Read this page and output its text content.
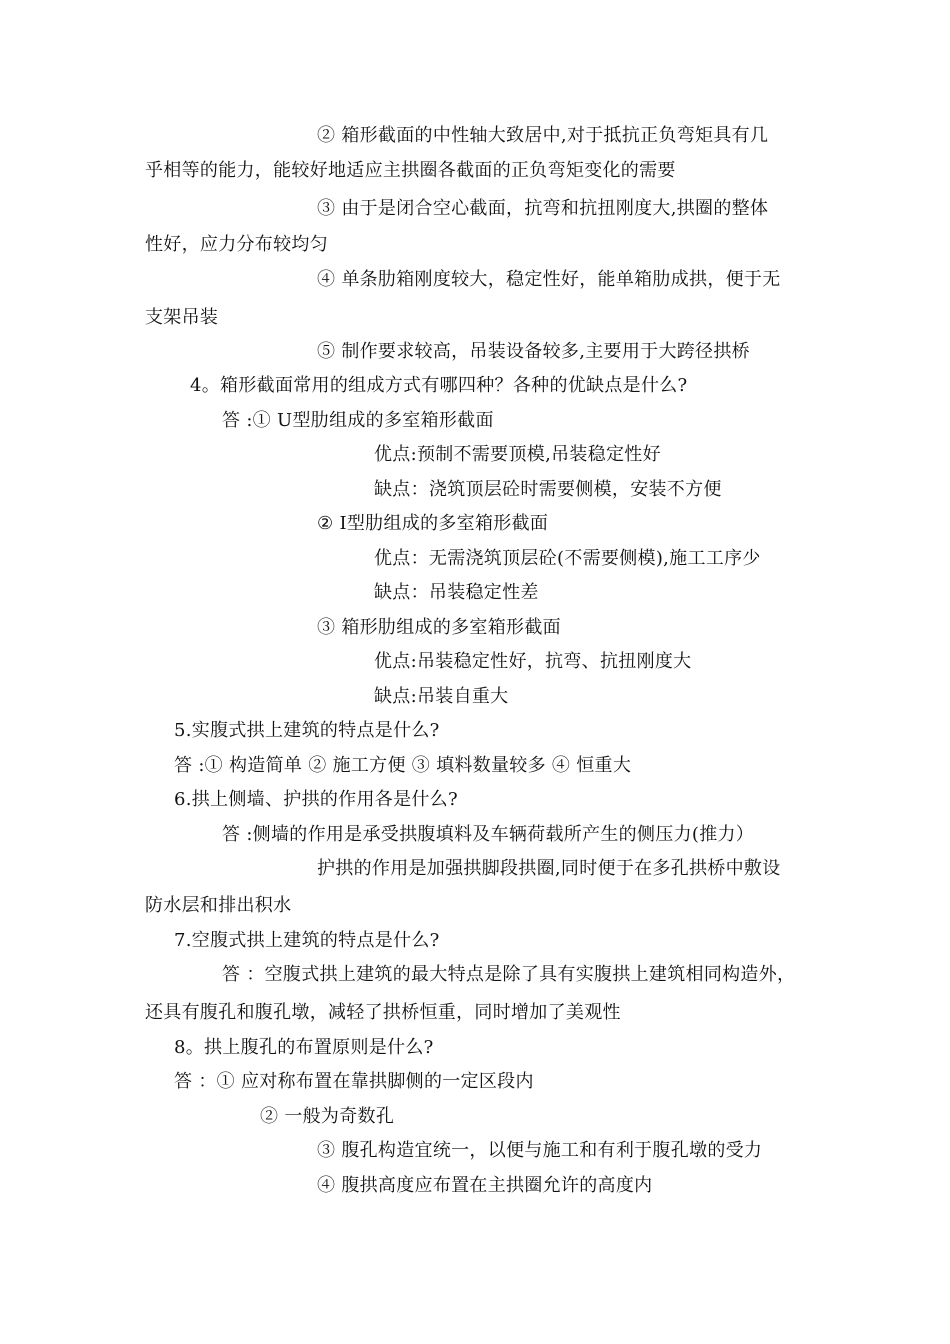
② 箱形截面的中性轴大致居中,对于抵抗正负弯矩具有几
乎相等的能力，能较好地适应主拱圈各截面的正负弯矩变化的需要
③ 由于是闭合空心截面，抗弯和抗扭刚度大,拱圈的整体
性好，应力分布较均匀
④ 单条肋箱刚度较大，稳定性好，能单箱肋成拱，便于无
支架吊装
⑤ 制作要求较高，吊装设备较多,主要用于大跨径拱桥
4。箱形截面常用的组成方式有哪四种？各种的优缺点是什么?
答 :① U型肋组成的多室箱形截面
优点:预制不需要顶模,吊装稳定性好
缺点：浇筑顶层砼时需要侧模，安装不方便
② I型肋组成的多室箱形截面
优点：无需浇筑顶层砼(不需要侧模),施工工序少
缺点：吊装稳定性差
③ 箱形肋组成的多室箱形截面
优点:吊装稳定性好，抗弯、抗扭刚度大
缺点:吊装自重大
5.实腹式拱上建筑的特点是什么?
答 :① 构造简单 ② 施工方便 ③ 填料数量较多 ④ 恒重大
6.拱上侧墙、护拱的作用各是什么?
答 :侧墙的作用是承受拱腹填料及车辆荷载所产生的侧压力(推力）
护拱的作用是加强拱脚段拱圈,同时便于在多孔拱桥中敷设
防水层和排出积水
7.空腹式拱上建筑的特点是什么?
答 ：空腹式拱上建筑的最大特点是除了具有实腹拱上建筑相同构造外，
还具有腹孔和腹孔墩，减轻了拱桥恒重，同时增加了美观性
8。拱上腹孔的布置原则是什么?
答 ：① 应对称布置在靠拱脚侧的一定区段内
② 一般为奇数孔
③ 腹孔构造宜统一，以便与施工和有利于腹孔墩的受力
④ 腹拱高度应布置在主拱圈允许的高度内
